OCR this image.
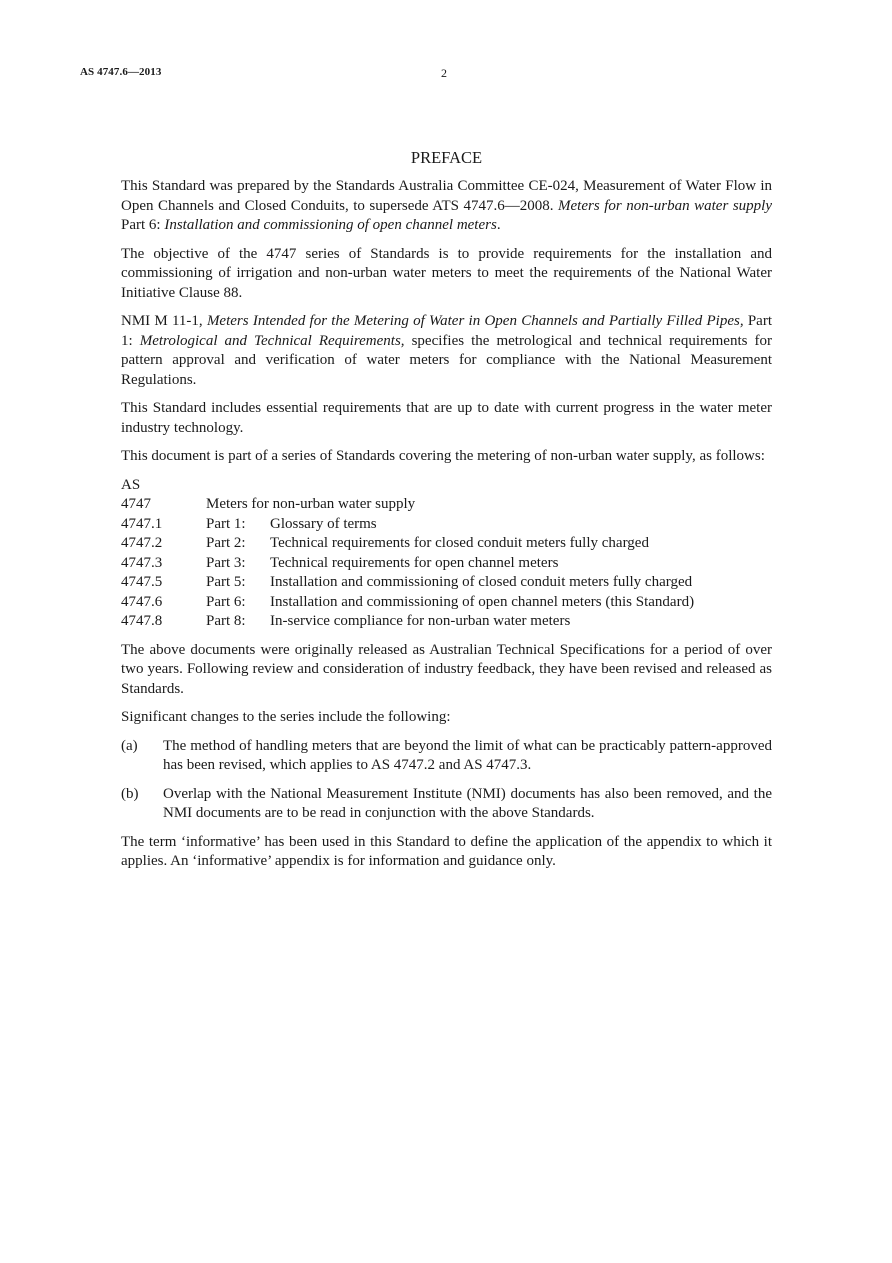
AS 4747.6—2013	2
PREFACE

This Standard was prepared by the Standards Australia Committee CE-024, Measurement of Water Flow in Open Channels and Closed Conduits, to supersede ATS 4747.6—2008. Meters for non-urban water supply Part 6: Installation and commissioning of open channel meters.

The objective of the 4747 series of Standards is to provide requirements for the installation and commissioning of irrigation and non-urban water meters to meet the requirements of the National Water Initiative Clause 88.

NMI M 11-1, Meters Intended for the Metering of Water in Open Channels and Partially Filled Pipes, Part 1: Metrological and Technical Requirements, specifies the metrological and technical requirements for pattern approval and verification of water meters for compliance with the National Measurement Regulations.

This Standard includes essential requirements that are up to date with current progress in the water meter industry technology.

This document is part of a series of Standards covering the metering of non-urban water supply, as follows:

AS
4747	Meters for non-urban water supply
4747.1	Part 1:	Glossary of terms
4747.2	Part 2:	Technical requirements for closed conduit meters fully charged
4747.3	Part 3:	Technical requirements for open channel meters
4747.5	Part 5:	Installation and commissioning of closed conduit meters fully charged
4747.6	Part 6:	Installation and commissioning of open channel meters (this Standard)
4747.8	Part 8:	In-service compliance for non-urban water meters

The above documents were originally released as Australian Technical Specifications for a period of over two years. Following review and consideration of industry feedback, they have been revised and released as Standards.

Significant changes to the series include the following:

(a)	The method of handling meters that are beyond the limit of what can be practicably pattern-approved has been revised, which applies to AS 4747.2 and AS 4747.3.
(b)	Overlap with the National Measurement Institute (NMI) documents has also been removed, and the NMI documents are to be read in conjunction with the above Standards.

The term ‘informative’ has been used in this Standard to define the application of the appendix to which it applies. An ‘informative’ appendix is for information and guidance only.
